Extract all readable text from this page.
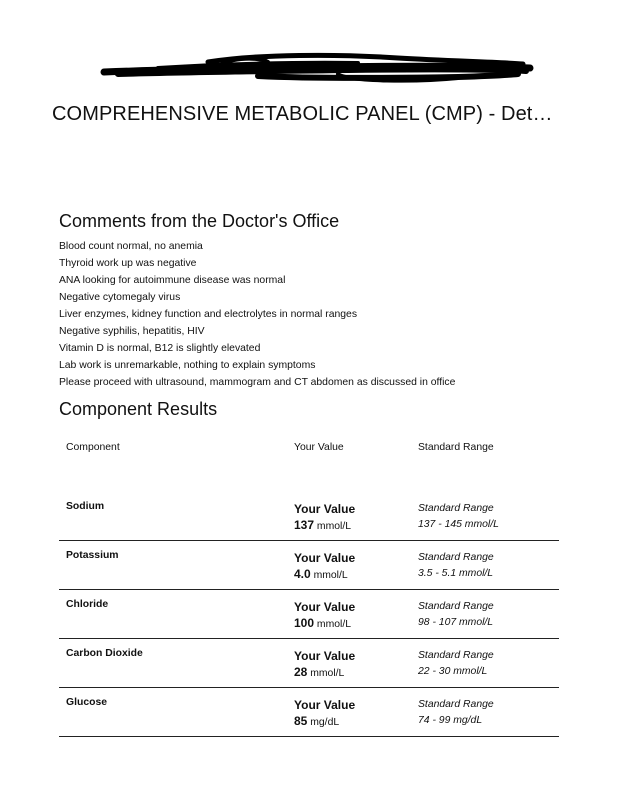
COMPREHENSIVE METABOLIC PANEL (CMP) - Det…
Comments from the Doctor's Office
Blood count normal, no anemia
Thyroid work up was negative
ANA looking for autoimmune disease was normal
Negative cytomegaly virus
Liver enzymes, kidney function and electrolytes in normal ranges
Negative syphilis, hepatitis, HIV
Vitamin D is normal, B12 is slightly elevated
Lab work is unremarkable, nothing to explain symptoms
Please proceed with ultrasound, mammogram and CT abdomen as discussed in office
Component Results
Component	Your Value	Standard Range
Sodium	Your Value
137 mmol/L
Standard Range
137 - 145 mmol/L
Potassium	Your Value
4.0 mmol/L
Standard Range
3.5 - 5.1 mmol/L
Chloride	Your Value
100 mmol/L
Standard Range
98 - 107 mmol/L
Carbon Dioxide	Your Value
28 mmol/L
Standard Range
22 - 30 mmol/L
Glucose	Your Value
85 mg/dL
Standard Range
74 - 99 mg/dL
